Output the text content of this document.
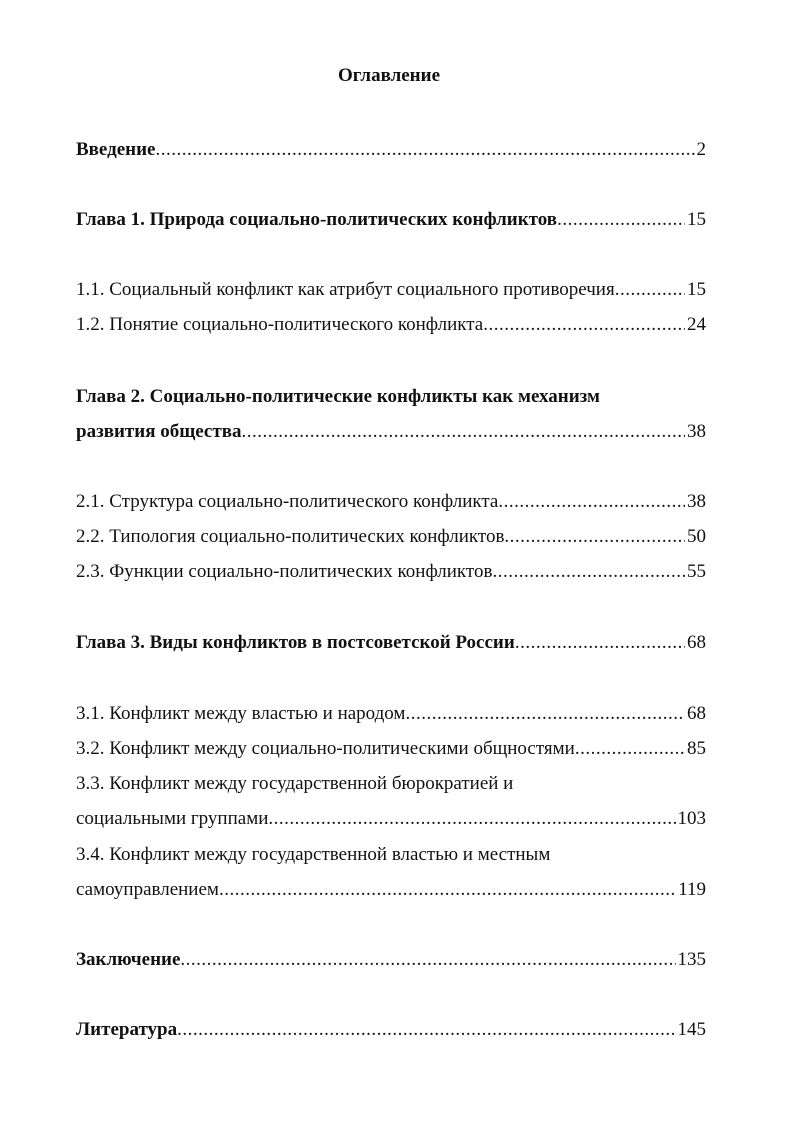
Оглавление
Введение .....	2
Глава 1. Природа социально-политических конфликтов .....	15
1.1. Социальный конфликт как атрибут социального противоречия .....	15
1.2. Понятие социально-политического конфликта .....	24
Глава 2. Социально-политические конфликты как механизм
развития общества .....	38
2.1. Структура социально-политического конфликта .....	38
2.2. Типология социально-политических конфликтов .....	50
2.3. Функции социально-политических конфликтов .....	55
Глава 3. Виды конфликтов в постсоветской России .....	68
3.1. Конфликт между властью и народом .....	68
3.2. Конфликт между социально-политическими общностями .....	85
3.3. Конфликт между государственной бюрократией и
социальными группами .....	103
3.4. Конфликт между государственной властью и местным
самоуправлением .....	119
Заключение .....	135
Литература .....	145
